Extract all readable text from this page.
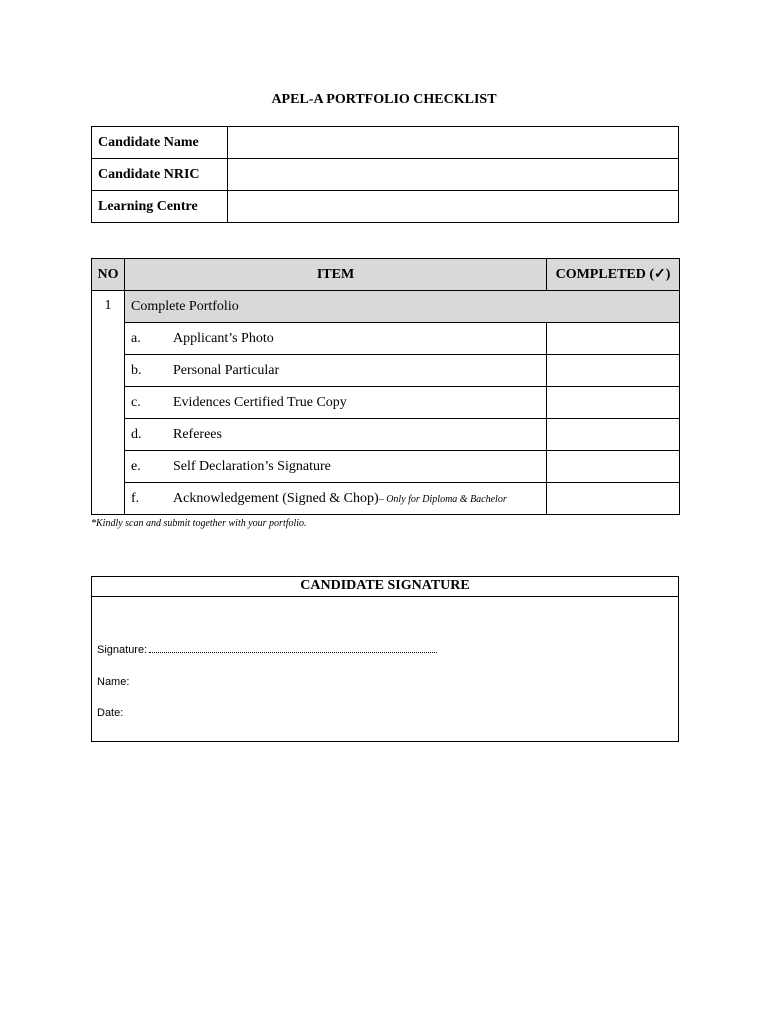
APEL-A PORTFOLIO CHECKLIST
Candidate Name	
Candidate NRIC	
Learning Centre	
NO	ITEM	COMPLETED (✓)
1	Complete Portfolio	
	a. Applicant’s Photo	
	b. Personal Particular	
	c. Evidences Certified True Copy	
	d. Referees	
	e. Self Declaration’s Signature	
	f. Acknowledgement (Signed & Chop)– Only for Diploma & Bachelor	
*Kindly scan and submit together with your portfolio.
CANDIDATE SIGNATURE
Signature:
Name:
Date:
